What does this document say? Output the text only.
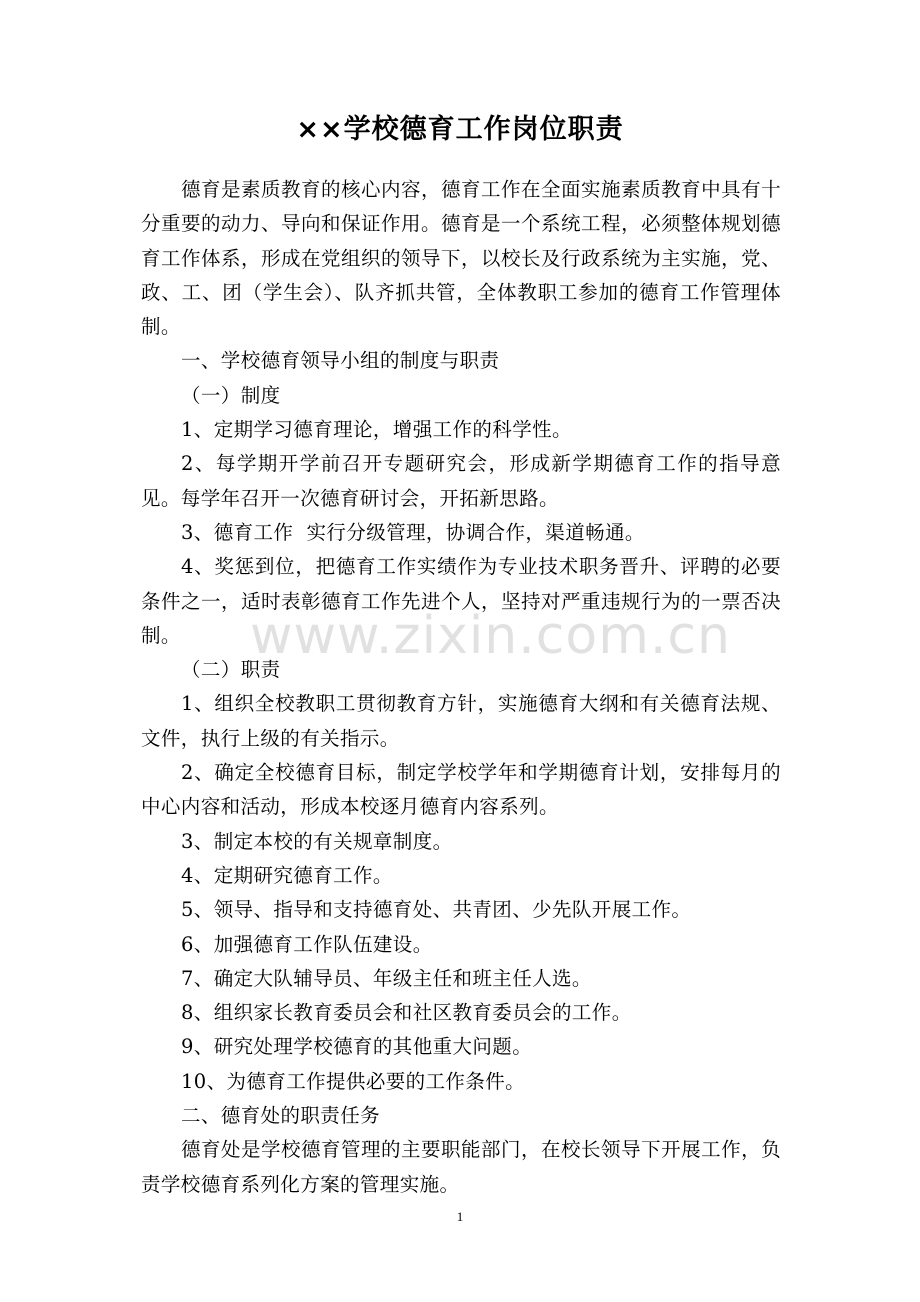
××学校德育工作岗位职责

德育是素质教育的核心内容，德育工作在全面实施素质教育中具有十分重要的动力、导向和保证作用。德育是一个系统工程，必须整体规划德育工作体系，形成在党组织的领导下，以校长及行政系统为主实施，党、政、工、团（学生会）、队齐抓共管，全体教职工参加的德育工作管理体制。

一、学校德育领导小组的制度与职责

（一）制度

1、定期学习德育理论，增强工作的科学性。

2、每学期开学前召开专题研究会，形成新学期德育工作的指导意见。每学年召开一次德育研讨会，开拓新思路。

3、德育工作  实行分级管理，协调合作，渠道畅通。

4、奖惩到位，把德育工作实绩作为专业技术职务晋升、评聘的必要条件之一，适时表彰德育工作先进个人，坚持对严重违规行为的一票否决制。

（二）职责

1、组织全校教职工贯彻教育方针，实施德育大纲和有关德育法规、文件，执行上级的有关指示。

2、确定全校德育目标，制定学校学年和学期德育计划，安排每月的中心内容和活动，形成本校逐月德育内容系列。

3、制定本校的有关规章制度。

4、定期研究德育工作。

5、领导、指导和支持德育处、共青团、少先队开展工作。

6、加强德育工作队伍建设。

7、确定大队辅导员、年级主任和班主任人选。

8、组织家长教育委员会和社区教育委员会的工作。

9、研究处理学校德育的其他重大问题。

10、为德育工作提供必要的工作条件。

二、德育处的职责任务

德育处是学校德育管理的主要职能部门，在校长领导下开展工作，负责学校德育系列化方案的管理实施。

www.zixin.com.cn
1
